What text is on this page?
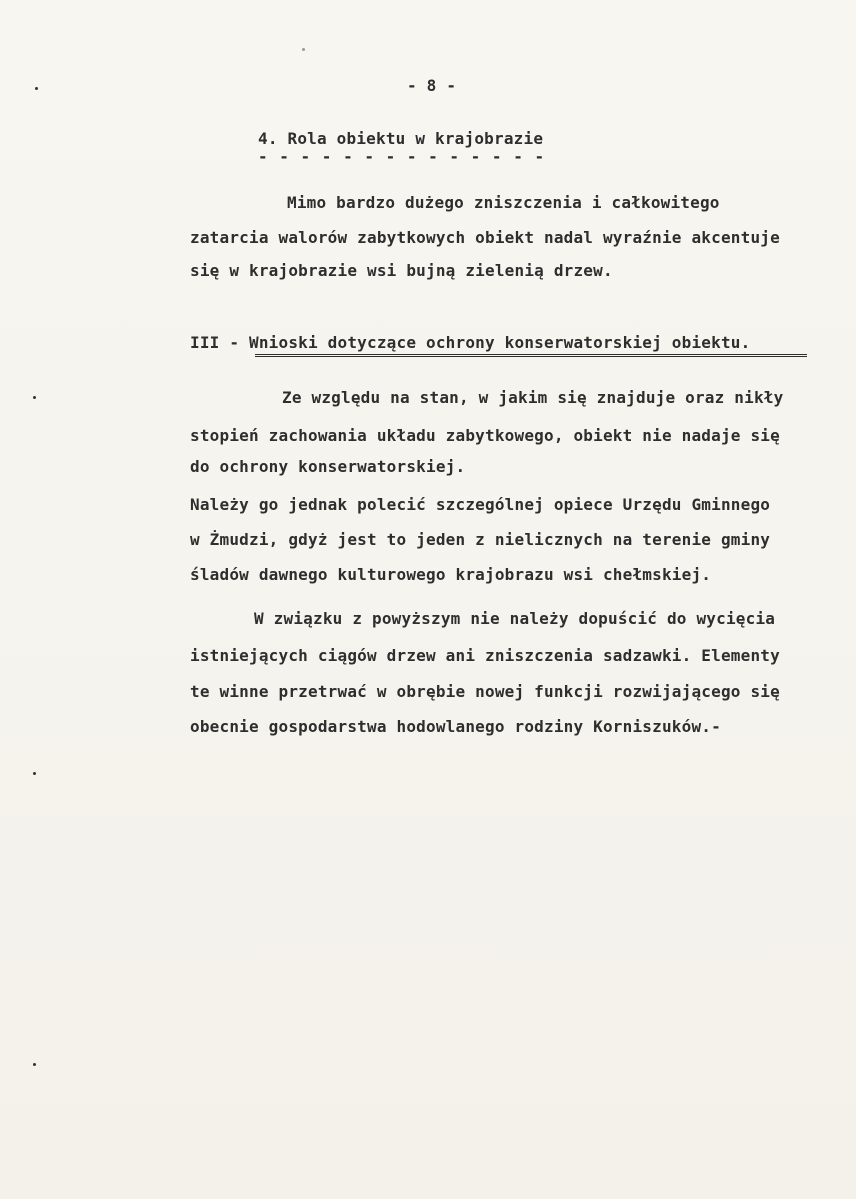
- 8 -
4. Rola obiektu w krajobrazie
- - - - - - - - - - - - - -
Mimo bardzo dużego zniszczenia i całkowitego
zatarcia walorów zabytkowych obiekt nadal wyraźnie akcentuje
się w krajobrazie wsi bujną zielenią drzew.
III - Wnioski dotyczące ochrony konserwatorskiej obiektu.
Ze względu na stan, w jakim się znajduje oraz nikły
stopień zachowania układu zabytkowego, obiekt nie nadaje się
do ochrony konserwatorskiej.
Należy go jednak polecić szczególnej opiece Urzędu Gminnego
w Żmudzi, gdyż jest to jeden z nielicznych na terenie gminy
śladów dawnego kulturowego krajobrazu wsi chełmskiej.
W związku z powyższym nie należy dopuścić do wycięcia
istniejących ciągów drzew ani zniszczenia sadzawki. Elementy
te winne przetrwać w obrębie nowej funkcji rozwijającego się
obecnie gospodarstwa hodowlanego rodziny Korniszuków.-
